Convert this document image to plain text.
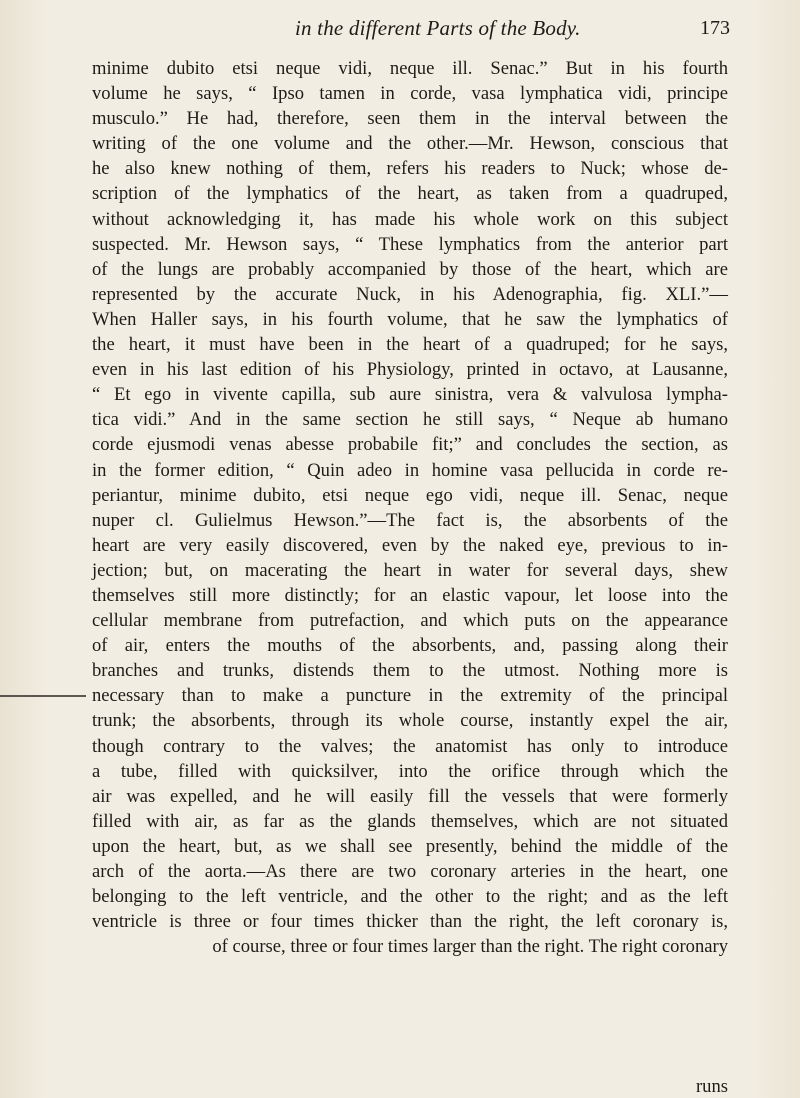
in the different Parts of the Body.	173
minime dubito etsi neque vidi, neque ill. Senac.” But in his fourth
volume he says, “ Ipso tamen in corde, vasa lymphatica vidi, principe
musculo.” He had, therefore, seen them in the interval between the
writing of the one volume and the other.—Mr. Hewson, conscious that
he also knew nothing of them, refers his readers to Nuck; whose de-
scription of the lymphatics of the heart, as taken from a quadruped,
without acknowledging it, has made his whole work on this subject
suspected. Mr. Hewson says, “ These lymphatics from the anterior part
of the lungs are probably accompanied by those of the heart, which are
represented by the accurate Nuck, in his Adenographia, fig. XLI.”—
When Haller says, in his fourth volume, that he saw the lymphatics of
the heart, it must have been in the heart of a quadruped; for he says,
even in his last edition of his Physiology, printed in octavo, at Lausanne,
“ Et ego in vivente capilla, sub aure sinistra, vera & valvulosa lympha-
tica vidi.” And in the same section he still says, “ Neque ab humano
corde ejusmodi venas abesse probabile fit;” and concludes the section, as
in the former edition, “ Quin adeo in homine vasa pellucida in corde re-
periantur, minime dubito, etsi neque ego vidi, neque ill. Senac, neque
nuper cl. Gulielmus Hewson.”—The fact is, the absorbents of the
heart are very easily discovered, even by the naked eye, previous to in-
jection; but, on macerating the heart in water for several days, shew
themselves still more distinctly; for an elastic vapour, let loose into the
cellular membrane from putrefaction, and which puts on the appearance
of air, enters the mouths of the absorbents, and, passing along their
branches and trunks, distends them to the utmost. Nothing more is
necessary than to make a puncture in the extremity of the principal
trunk; the absorbents, through its whole course, instantly expel the air,
though contrary to the valves; the anatomist has only to introduce
a tube, filled with quicksilver, into the orifice through which the
air was expelled, and he will easily fill the vessels that were formerly
filled with air, as far as the glands themselves, which are not situated
upon the heart, but, as we shall see presently, behind the middle of the
arch of the aorta.—As there are two coronary arteries in the heart, one
belonging to the left ventricle, and the other to the right; and as the left
ventricle is three or four times thicker than the right, the left coronary is,
of course, three or four times larger than the right. The right coronary
runs
